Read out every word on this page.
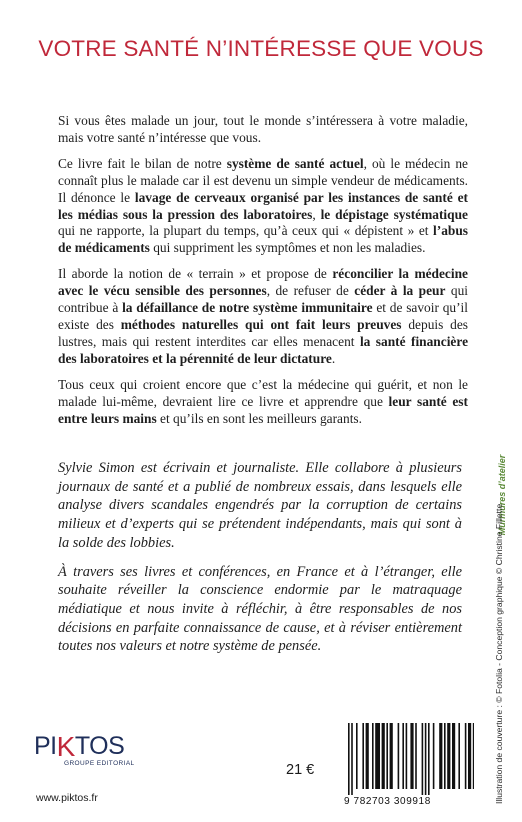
VOTRE SANTÉ N’INTÉRESSE QUE VOUS

Si vous êtes malade un jour, tout le monde s’intéressera à votre maladie, mais votre santé n’intéresse que vous.

Ce livre fait le bilan de notre système de santé actuel, où le médecin ne connaît plus le malade car il est devenu un simple vendeur de médicaments. Il dénonce le lavage de cerveaux organisé par les instances de santé et les médias sous la pression des laboratoires, le dépistage systématique qui ne rapporte, la plupart du temps, qu’à ceux qui « dépistent » et l’abus de médicaments qui suppriment les symptômes et non les maladies.

Il aborde la notion de « terrain » et propose de réconcilier la médecine avec le vécu sensible des personnes, de refuser de céder à la peur qui contribue à la défaillance de notre système immunitaire et de savoir qu’il existe des méthodes naturelles qui ont fait leurs preuves depuis des lustres, mais qui restent interdites car elles menacent la santé financière des laboratoires et la pérennité de leur dictature.

Tous ceux qui croient encore que c’est la médecine qui guérit, et non le malade lui-même, devraient lire ce livre et apprendre que leur santé est entre leurs mains et qu’ils en sont les meilleurs garants.

Sylvie Simon est écrivain et journaliste. Elle collabore à plusieurs journaux de santé et a publié de nombreux essais, dans lesquels elle analyse divers scandales engendrés par la corruption de certains milieux et d’experts qui se prétendent indépendants, mais qui sont à la solde des lobbies.

À travers ses livres et conférences, en France et à l’étranger, elle souhaite réveiller la conscience endormie par le matraquage médiatique et nous invite à réfléchir, à être responsables de nos décisions en parfaite connaissance de cause, et à réviser entièrement toutes nos valeurs et notre système de pensée.

Murmures d’atelier
Illustration de couverture : © Fotolia - Conception graphique © Christine Fillette
PI K TOS
GROUPE EDITORIAL
www.piktos.fr
21 €
9 782703 309918
